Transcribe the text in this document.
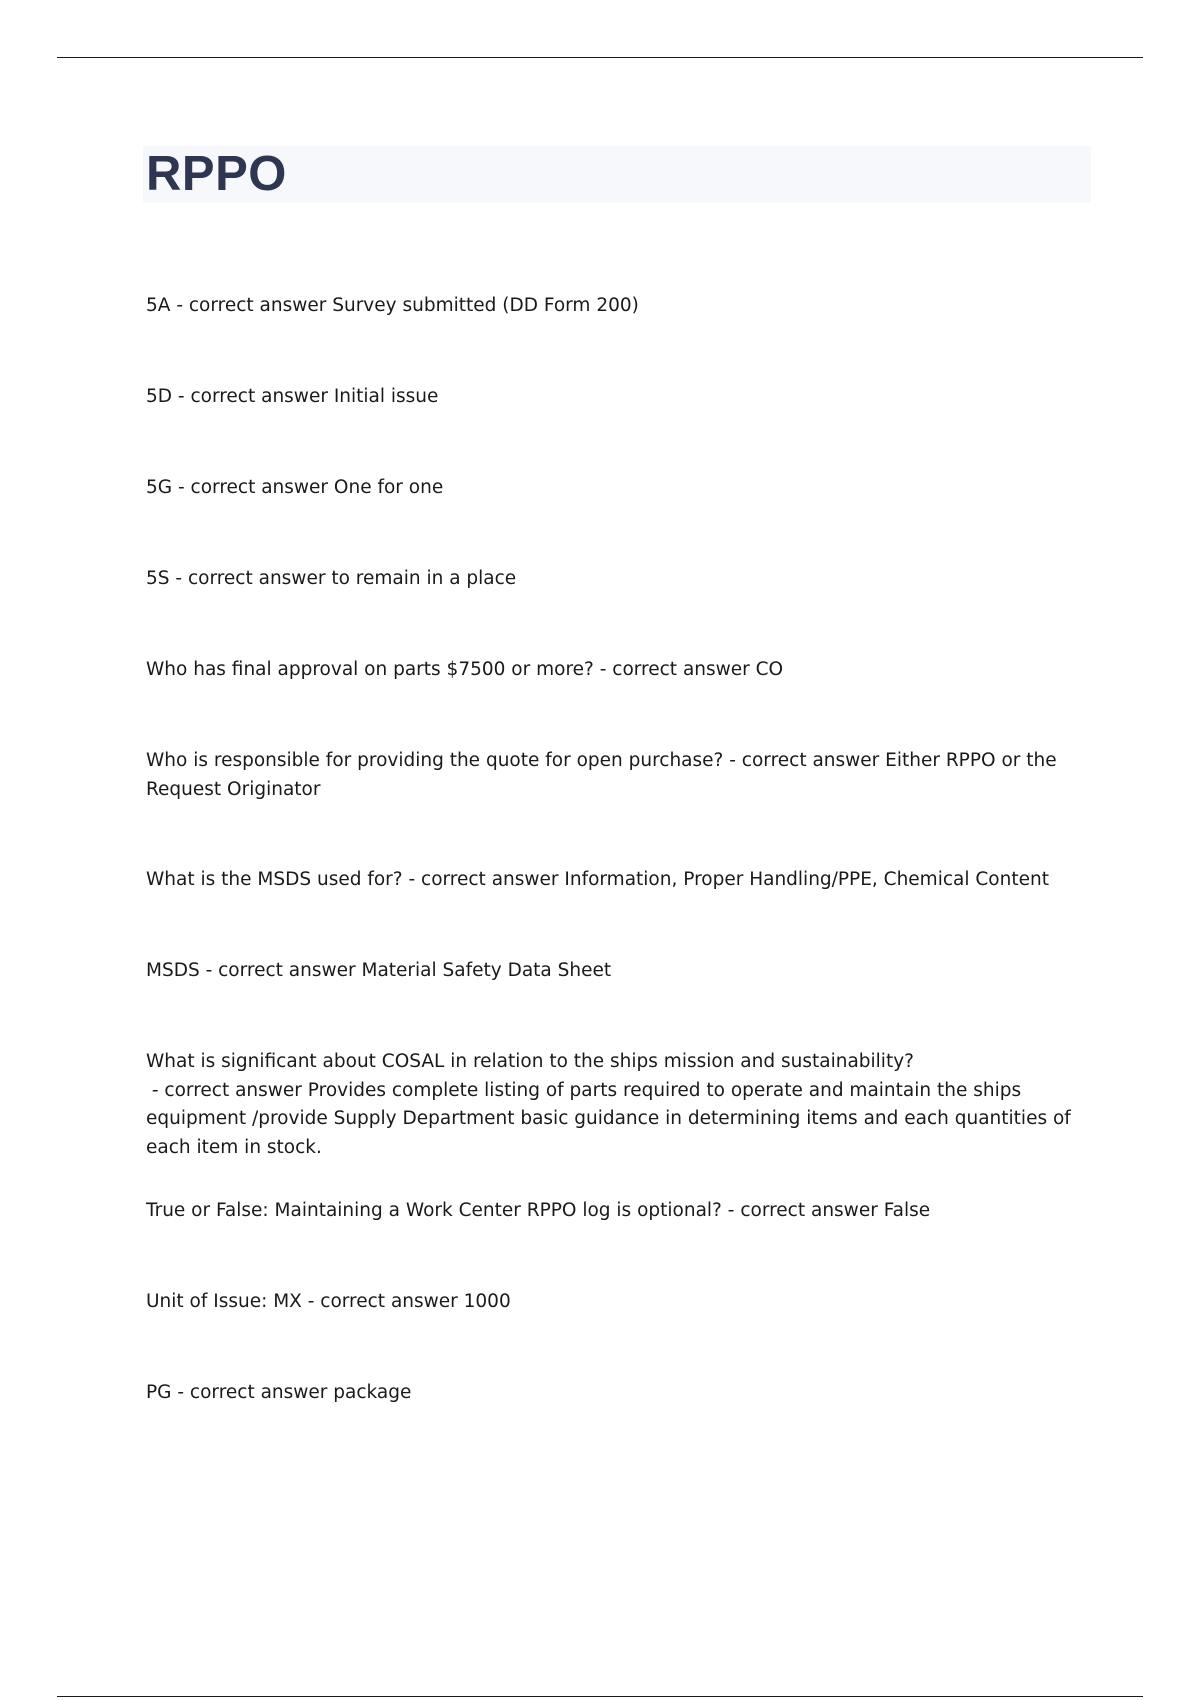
RPPO
5A - correct answer Survey submitted (DD Form 200)
5D - correct answer Initial issue
5G - correct answer One for one
5S - correct answer to remain in a place
Who has final approval on parts $7500 or more? - correct answer CO
Who is responsible for providing the quote for open purchase? - correct answer Either RPPO or the Request Originator
What is the MSDS used for? - correct answer Information, Proper Handling/PPE, Chemical Content
MSDS - correct answer Material Safety Data Sheet
What is significant about COSAL in relation to the ships mission and sustainability? - correct answer Provides complete listing of parts required to operate and maintain the ships equipment /provide Supply Department basic guidance in determining items and each quantities of each item in stock.
True or False: Maintaining a Work Center RPPO log is optional? - correct answer False
Unit of Issue: MX - correct answer 1000
PG - correct answer package
